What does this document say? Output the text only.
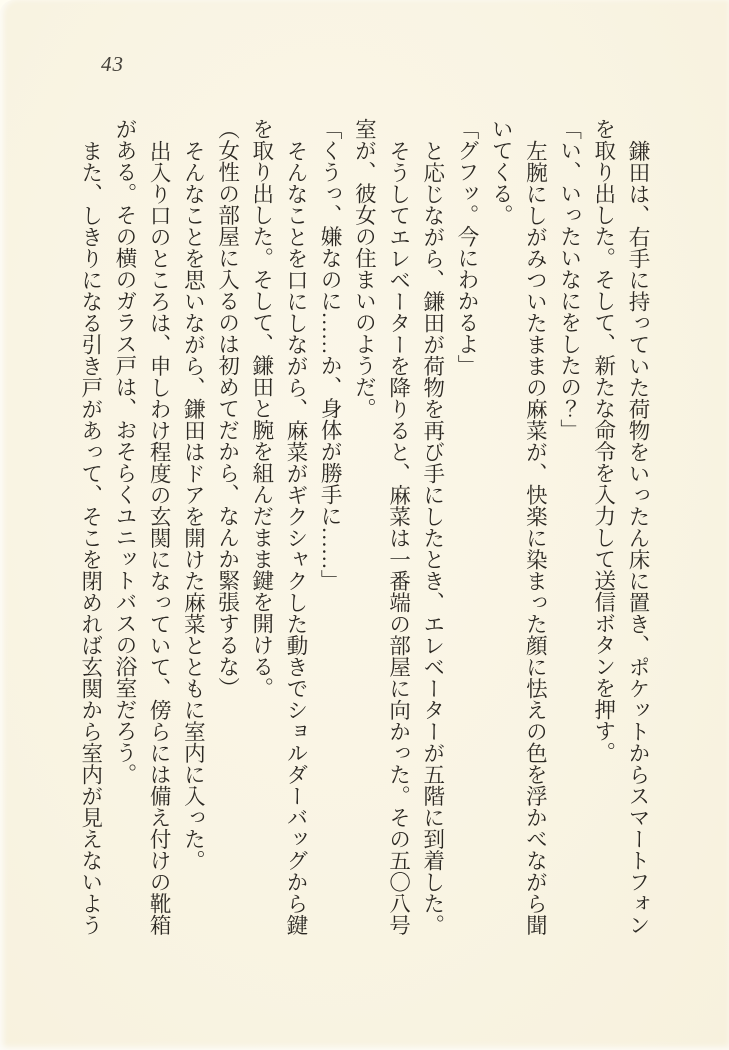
43

鎌田は、右手に持っていた荷物をいったん床に置き、ポケットからスマートフォン

を取り出した。そして、新たな命令を入力して送信ボタンを押す。

「い、いったいなにをしたの？」

左腕にしがみついたままの麻菜が、快楽に染まった顔に怯えの色を浮かべながら聞

いてくる。

「グフッ。今にわかるよ」

と応じながら、鎌田が荷物を再び手にしたとき、エレベーターが五階に到着した。

そうしてエレベーターを降りると、麻菜は一番端の部屋に向かった。その五〇八号

室が、彼女の住まいのようだ。

「くうっ、嫌なのに……か、身体が勝手に……」

そんなことを口にしながら、麻菜がギクシャクした動きでショルダーバッグから鍵

を取り出した。そして、鎌田と腕を組んだまま鍵を開ける。

（女性の部屋に入るのは初めてだから、なんか緊張するな）

そんなことを思いながら、鎌田はドアを開けた麻菜とともに室内に入った。

出入り口のところは、申しわけ程度の玄関になっていて、傍らには備え付けの靴箱

がある。その横のガラス戸は、おそらくユニットバスの浴室だろう。

また、しきりになる引き戸があって、そこを閉めれば玄関から室内が見えないよう
